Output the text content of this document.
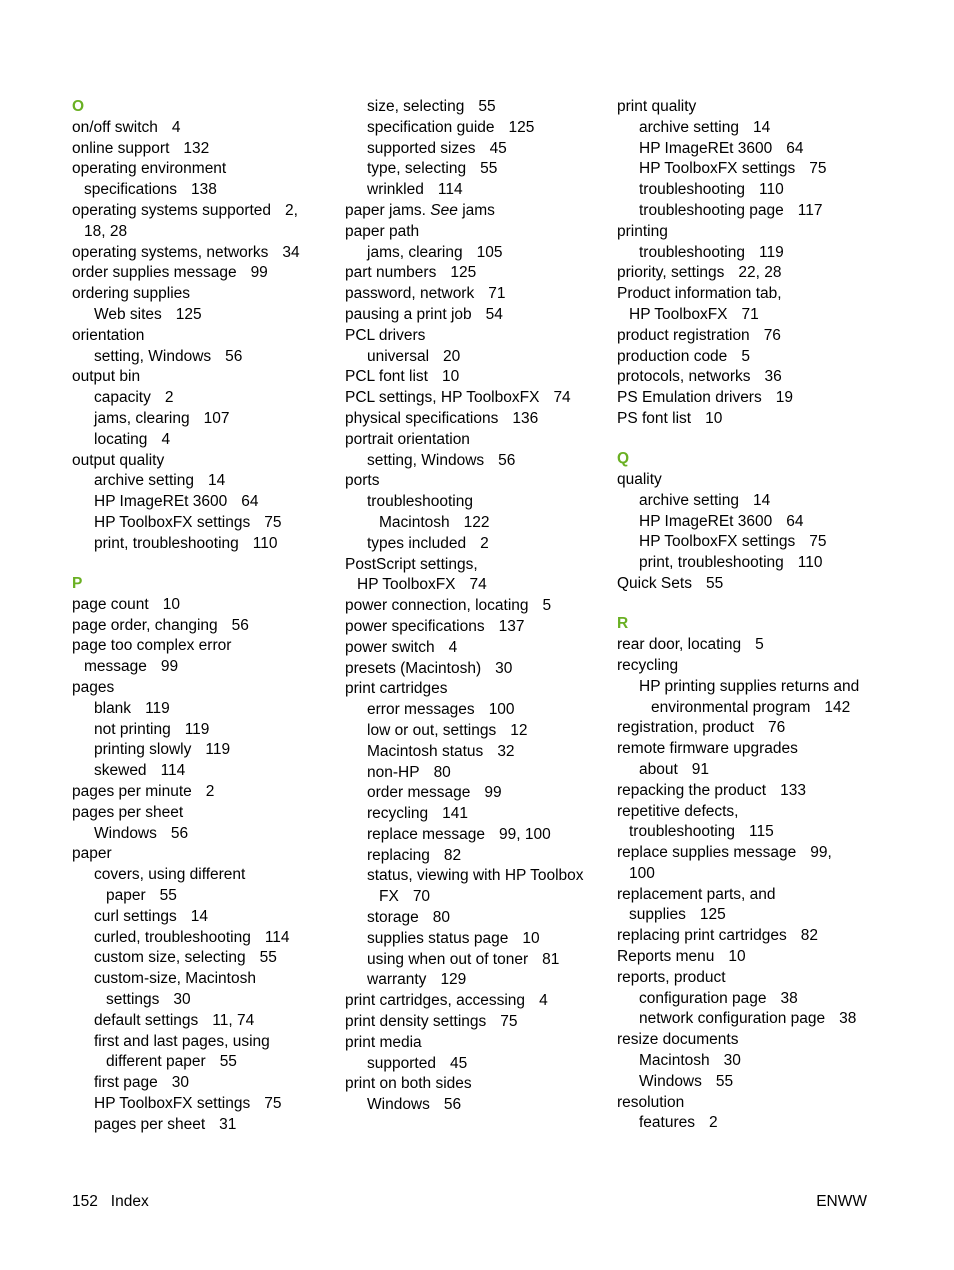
O
on/off switch 4
online support 132
operating environment
specifications 138
operating systems supported 2,
18, 28
operating systems, networks 34
order supplies message 99
ordering supplies
Web sites 125
orientation
setting, Windows 56
output bin
capacity 2
jams, clearing 107
locating 4
output quality
archive setting 14
HP ImageREt 3600 64
HP ToolboxFX settings 75
print, troubleshooting 110
P
page count 10
page order, changing 56
page too complex error
message 99
pages
blank 119
not printing 119
printing slowly 119
skewed 114
pages per minute 2
pages per sheet
Windows 56
paper
covers, using different
paper 55
curl settings 14
curled, troubleshooting 114
custom size, selecting 55
custom-size, Macintosh
settings 30
default settings 11, 74
first and last pages, using
different paper 55
first page 30
HP ToolboxFX settings 75
pages per sheet 31
size, selecting 55
specification guide 125
supported sizes 45
type, selecting 55
wrinkled 114
paper jams. See jams
paper path
jams, clearing 105
part numbers 125
password, network 71
pausing a print job 54
PCL drivers
universal 20
PCL font list 10
PCL settings, HP ToolboxFX 74
physical specifications 136
portrait orientation
setting, Windows 56
ports
troubleshooting
Macintosh 122
types included 2
PostScript settings,
HP ToolboxFX 74
power connection, locating 5
power specifications 137
power switch 4
presets (Macintosh) 30
print cartridges
error messages 100
low or out, settings 12
Macintosh status 32
non-HP 80
order message 99
recycling 141
replace message 99, 100
replacing 82
status, viewing with HP Toolbox
FX 70
storage 80
supplies status page 10
using when out of toner 81
warranty 129
print cartridges, accessing 4
print density settings 75
print media
supported 45
print on both sides
Windows 56
print quality
archive setting 14
HP ImageREt 3600 64
HP ToolboxFX settings 75
troubleshooting 110
troubleshooting page 117
printing
troubleshooting 119
priority, settings 22, 28
Product information tab,
HP ToolboxFX 71
product registration 76
production code 5
protocols, networks 36
PS Emulation drivers 19
PS font list 10
Q
quality
archive setting 14
HP ImageREt 3600 64
HP ToolboxFX settings 75
print, troubleshooting 110
Quick Sets 55
R
rear door, locating 5
recycling
HP printing supplies returns and
environmental program 142
registration, product 76
remote firmware upgrades
about 91
repacking the product 133
repetitive defects,
troubleshooting 115
replace supplies message 99,
100
replacement parts, and
supplies 125
replacing print cartridges 82
Reports menu 10
reports, product
configuration page 38
network configuration page 38
resize documents
Macintosh 30
Windows 55
resolution
features 2
152 Index	ENWW
